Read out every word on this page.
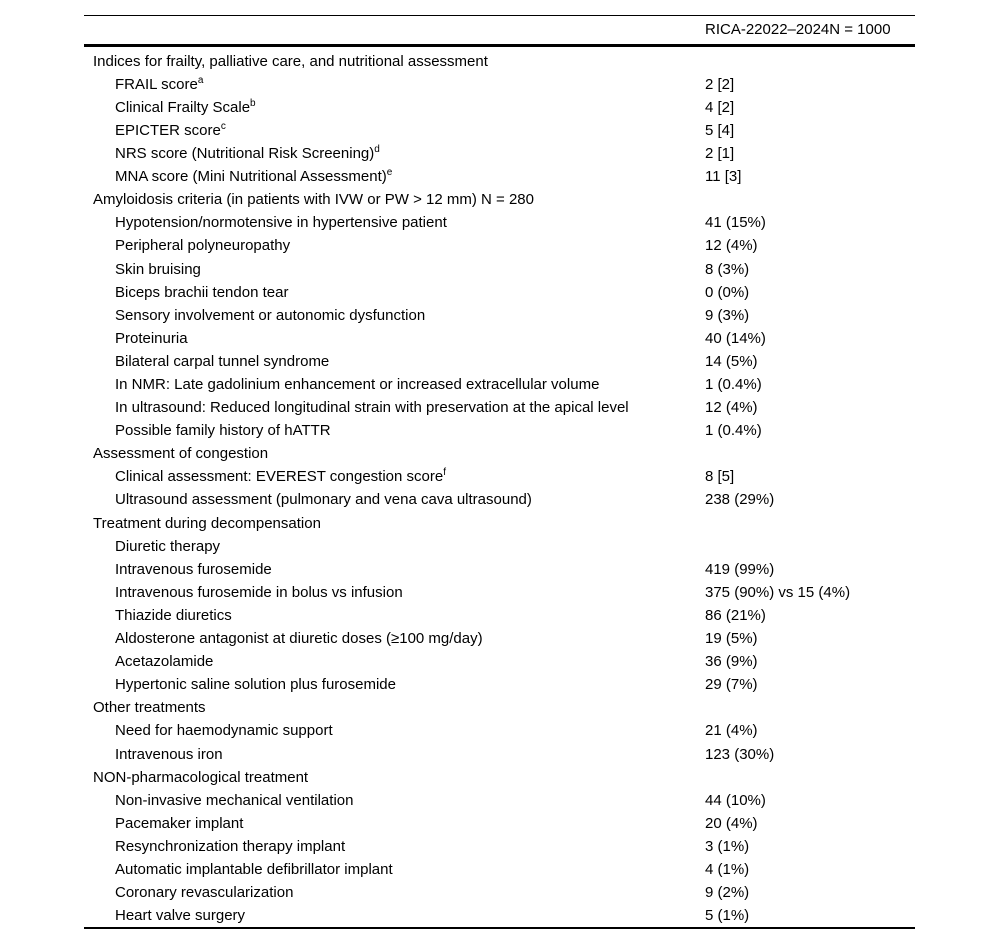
RICA-22022–2024N = 1000
Indices for frailty, palliative care, and nutritional assessment
FRAIL score$^a$	2 [2]
Clinical Frailty Scale$^b$	4 [2]
EPICTER score$^c$	5 [4]
NRS score (Nutritional Risk Screening)$^d$	2 [1]
MNA score (Mini Nutritional Assessment)$^e$	11 [3]
Amyloidosis criteria (in patients with IVW or PW > 12 mm) N = 280
Hypotension/normotensive in hypertensive patient	41 (15%)
Peripheral polyneuropathy	12 (4%)
Skin bruising	8 (3%)
Biceps brachii tendon tear	0 (0%)
Sensory involvement or autonomic dysfunction	9 (3%)
Proteinuria	40 (14%)
Bilateral carpal tunnel syndrome	14 (5%)
In NMR: Late gadolinium enhancement or increased extracellular volume	1 (0.4%)
In ultrasound: Reduced longitudinal strain with preservation at the apical level	12 (4%)
Possible family history of hATTR	1 (0.4%)
Assessment of congestion
Clinical assessment: EVEREST congestion score$^f$	8 [5]
Ultrasound assessment (pulmonary and vena cava ultrasound)	238 (29%)
Treatment during decompensation
Diuretic therapy
Intravenous furosemide	419 (99%)
Intravenous furosemide in bolus vs infusion	375 (90%) vs 15 (4%)
Thiazide diuretics	86 (21%)
Aldosterone antagonist at diuretic doses (≥100 mg/day)	19 (5%)
Acetazolamide	36 (9%)
Hypertonic saline solution plus furosemide	29 (7%)
Other treatments
Need for haemodynamic support	21 (4%)
Intravenous iron	123 (30%)
NON-pharmacological treatment
Non-invasive mechanical ventilation	44 (10%)
Pacemaker implant	20 (4%)
Resynchronization therapy implant	3 (1%)
Automatic implantable defibrillator implant	4 (1%)
Coronary revascularization	9 (2%)
Heart valve surgery	5 (1%)
